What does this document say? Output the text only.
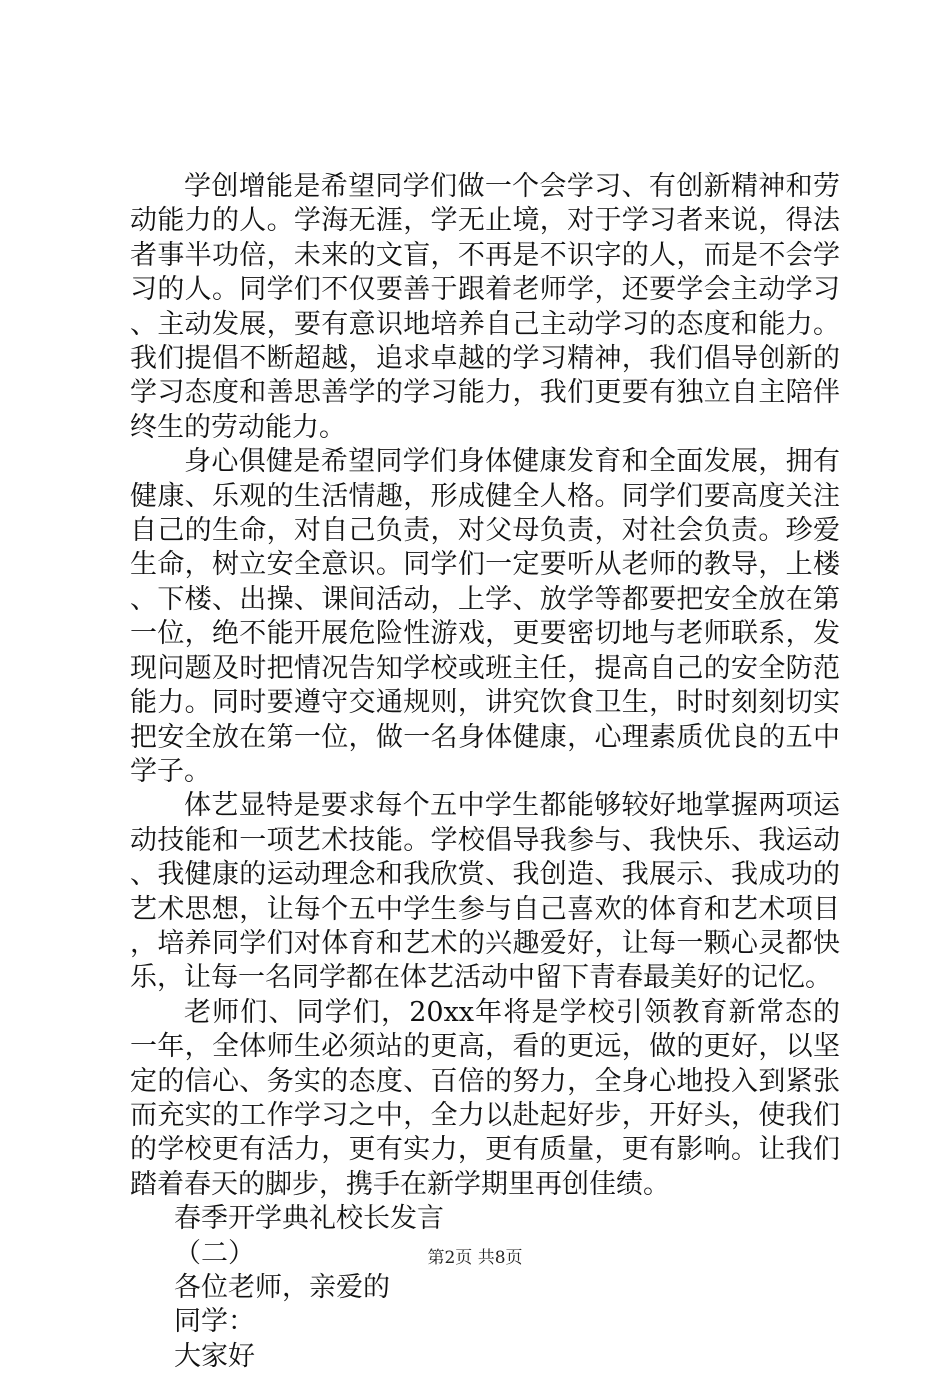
学创增能是希望同学们做一个会学习、有创新精神和劳动能力的人。学海无涯，学无止境，对于学习者来说，得法者事半功倍，未来的文盲，不再是不识字的人，而是不会学习的人。同学们不仅要善于跟着老师学，还要学会主动学习、主动发展，要有意识地培养自己主动学习的态度和能力。我们提倡不断超越，追求卓越的学习精神，我们倡导创新的学习态度和善思善学的学习能力，我们更要有独立自主陪伴终生的劳动能力。

身心俱健是希望同学们身体健康发育和全面发展，拥有健康、乐观的生活情趣，形成健全人格。同学们要高度关注自己的生命，对自己负责，对父母负责，对社会负责。珍爱生命，树立安全意识。同学们一定要听从老师的教导，上楼、下楼、出操、课间活动，上学、放学等都要把安全放在第一位，绝不能开展危险性游戏，更要密切地与老师联系，发现问题及时把情况告知学校或班主任，提高自己的安全防范能力。同时要遵守交通规则，讲究饮食卫生，时时刻刻切实把安全放在第一位，做一名身体健康，心理素质优良的五中学子。

体艺显特是要求每个五中学生都能够较好地掌握两项运动技能和一项艺术技能。学校倡导我参与、我快乐、我运动、我健康的运动理念和我欣赏、我创造、我展示、我成功的艺术思想，让每个五中学生参与自己喜欢的体育和艺术项目，培养同学们对体育和艺术的兴趣爱好，让每一颗心灵都快乐，让每一名同学都在体艺活动中留下青春最美好的记忆。

老师们、同学们，20xx年将是学校引领教育新常态的一年，全体师生必须站的更高，看的更远，做的更好，以坚定的信心、务实的态度、百倍的努力，全身心地投入到紧张而充实的工作学习之中，全力以赴起好步，开好头，使我们的学校更有活力，更有实力，更有质量，更有影响。让我们踏着春天的脚步，携手在新学期里再创佳绩。

春季开学典礼校长发言

（二）

各位老师，亲爱的

同学：

大家好

第2页 共8页
